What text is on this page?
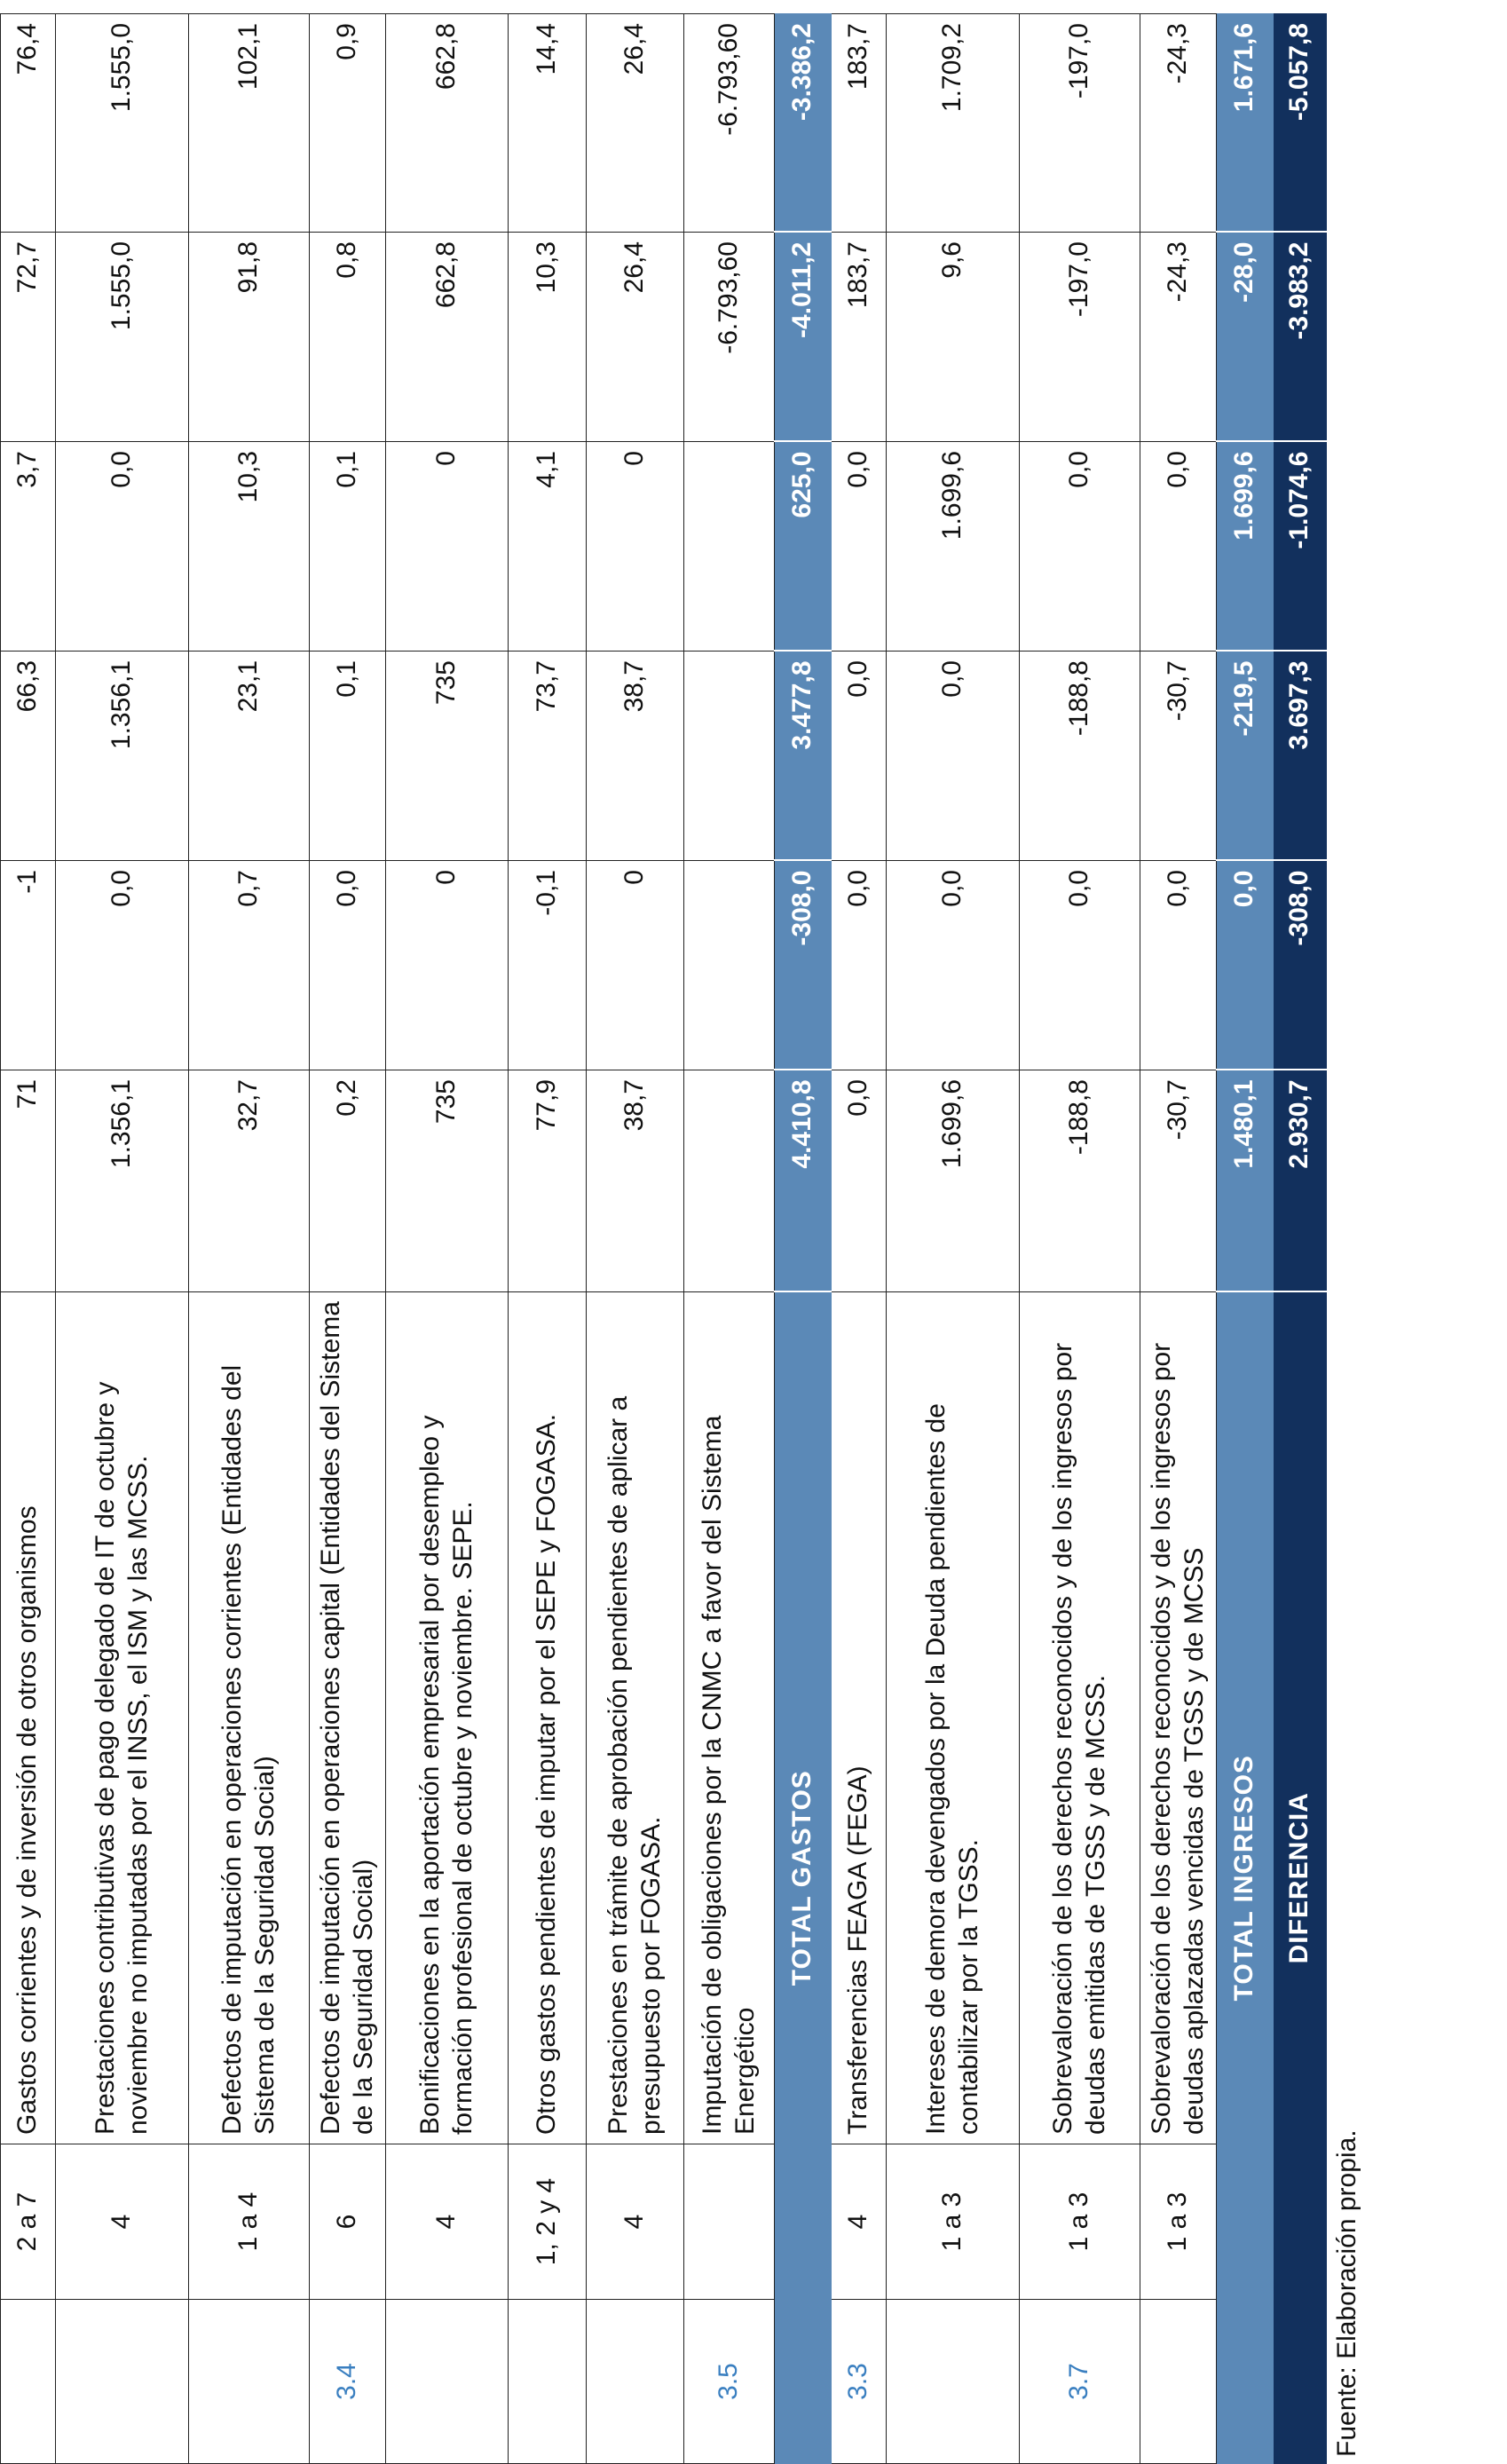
	2 a 7	Gastos corrientes y de inversión de otros organismos	71	-1	66,3	3,7	72,7	76,4
	4	Prestaciones contributivas de pago delegado de IT de octubre y noviembre no imputadas por el INSS, el ISM y las MCSS.	1.356,1	0,0	1.356,1	0,0	1.555,0	1.555,0
	1 a 4	Defectos de imputación en operaciones corrientes (Entidades del Sistema de la Seguridad Social)	32,7	0,7	23,1	10,3	91,8	102,1
3.4	6	Defectos de imputación en operaciones capital (Entidades del Sistema de la Seguridad Social)	0,2	0,0	0,1	0,1	0,8	0,9
	4	Bonificaciones en la aportación empresarial por desempleo y formación profesional de octubre y noviembre. SEPE.	735	0	735	0	662,8	662,8
	1, 2 y 4	Otros gastos pendientes de imputar por el SEPE y FOGASA.	77,9	-0,1	73,7	4,1	10,3	14,4
	4	Prestaciones en trámite de aprobación pendientes de aplicar a presupuesto por FOGASA.	38,7	0	38,7	0	26,4	26,4
3.5		Imputación de obligaciones por la CNMC a favor del Sistema Energético					-6.793,60	-6.793,60
TOTAL GASTOS			4.410,8	-308,0	3.477,8	625,0	-4.011,2	-3.386,2
3.3	4	Transferencias FEAGA (FEGA)	0,0	0,0	0,0	0,0	183,7	183,7
	1 a 3	Intereses de demora devengados por la Deuda pendientes de contabilizar por la TGSS.	1.699,6	0,0	0,0	1.699,6	9,6	1.709,2
3.7	1 a 3	Sobrevaloración de los derechos reconocidos y de los ingresos por deudas emitidas de TGSS y de MCSS.	-188,8	0,0	-188,8	0,0	-197,0	-197,0
	1 a 3	Sobrevaloración de los derechos reconocidos y de los ingresos por deudas aplazadas vencidas de TGSS y de MCSS	-30,7	0,0	-30,7	0,0	-24,3	-24,3
TOTAL INGRESOS			1.480,1	0,0	-219,5	1.699,6	-28,0	1.671,6
DIFERENCIA			2.930,7	-308,0	3.697,3	-1.074,6	-3.983,2	-5.057,8
Fuente: Elaboración propia.
